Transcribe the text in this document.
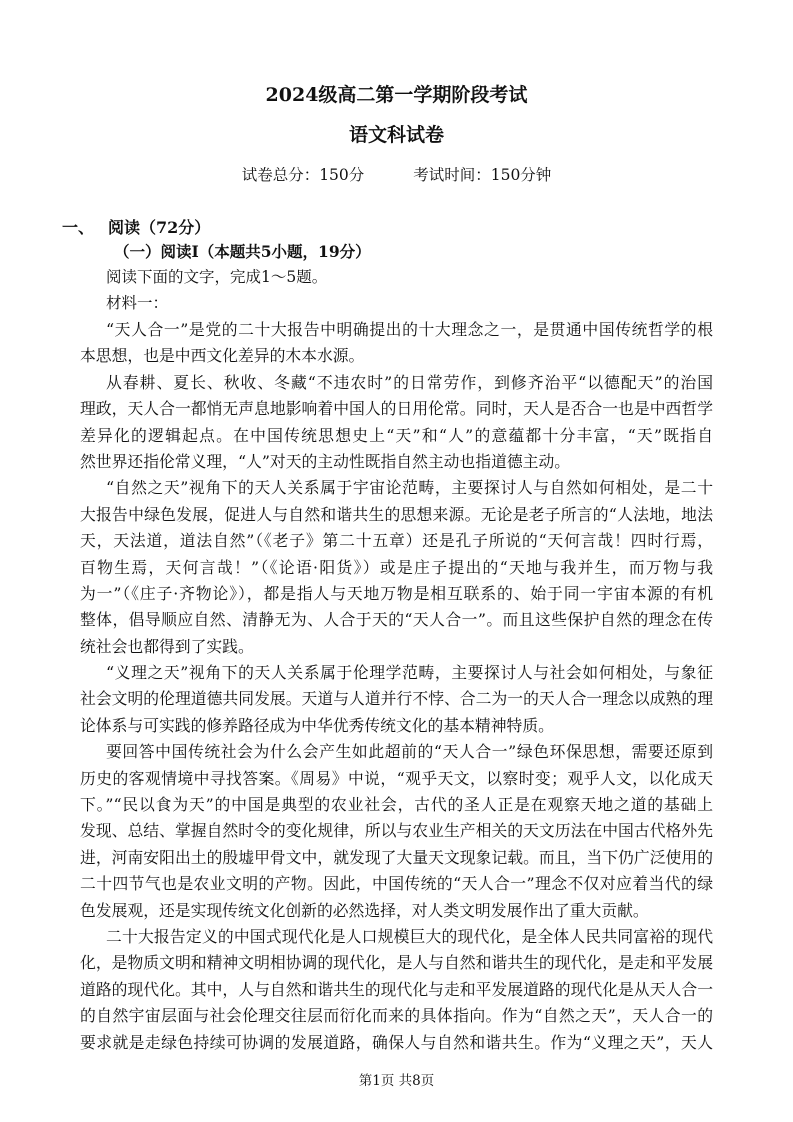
2024级高二第一学期阶段考试
语文科试卷
试卷总分：150分	考试时间：150分钟
一、 阅读（72分）
（一）阅读I（本题共5小题，19分）
阅读下面的文字，完成1～5题。
材料一：
“天人合一”是党的二十大报告中明确提出的十大理念之一，是贯通中国传统哲学的根
本思想，也是中西文化差异的木本水源。
从春耕、夏长、秋收、冬藏“不违农时”的日常劳作，到修齐治平“以德配天”的治国
理政，天人合一都悄无声息地影响着中国人的日用伦常。同时，天人是否合一也是中西哲学
差异化的逻辑起点。在中国传统思想史上“天”和“人”的意蕴都十分丰富，“天”既指自
然世界还指伦常义理，“人”对天的主动性既指自然主动也指道德主动。
“自然之天”视角下的天人关系属于宇宙论范畴，主要探讨人与自然如何相处，是二十
大报告中绿色发展，促进人与自然和谐共生的思想来源。无论是老子所言的“人法地，地法
天，天法道，道法自然”（《老子》第二十五章）还是孔子所说的“天何言哉！四时行焉，
百物生焉，天何言哉！”（《论语·阳货》）或是庄子提出的“天地与我并生，而万物与我
为一”（《庄子·齐物论》），都是指人与天地万物是相互联系的、始于同一宇宙本源的有机
整体，倡导顺应自然、清静无为、人合于天的“天人合一”。而且这些保护自然的理念在传
统社会也都得到了实践。
“义理之天”视角下的天人关系属于伦理学范畴，主要探讨人与社会如何相处，与象征
社会文明的伦理道德共同发展。天道与人道并行不悖、合二为一的天人合一理念以成熟的理
论体系与可实践的修养路径成为中华优秀传统文化的基本精神特质。
要回答中国传统社会为什么会产生如此超前的“天人合一”绿色环保思想，需要还原到
历史的客观情境中寻找答案。《周易》中说，“观乎天文，以察时变；观乎人文，以化成天
下。”“民以食为天”的中国是典型的农业社会，古代的圣人正是在观察天地之道的基础上
发现、总结、掌握自然时令的变化规律，所以与农业生产相关的天文历法在中国古代格外先
进，河南安阳出土的殷墟甲骨文中，就发现了大量天文现象记载。而且，当下仍广泛使用的
二十四节气也是农业文明的产物。因此，中国传统的“天人合一”理念不仅对应着当代的绿
色发展观，还是实现传统文化创新的必然选择，对人类文明发展作出了重大贡献。
二十大报告定义的中国式现代化是人口规模巨大的现代化，是全体人民共同富裕的现代
化，是物质文明和精神文明相协调的现代化，是人与自然和谐共生的现代化，是走和平发展
道路的现代化。其中，人与自然和谐共生的现代化与走和平发展道路的现代化是从天人合一
的自然宇宙层面与社会伦理交往层而衍化而来的具体指向。作为“自然之天”，天人合一的
要求就是走绿色持续可协调的发展道路，确保人与自然和谐共生。作为“义理之天”，天人
第1页 共8页
